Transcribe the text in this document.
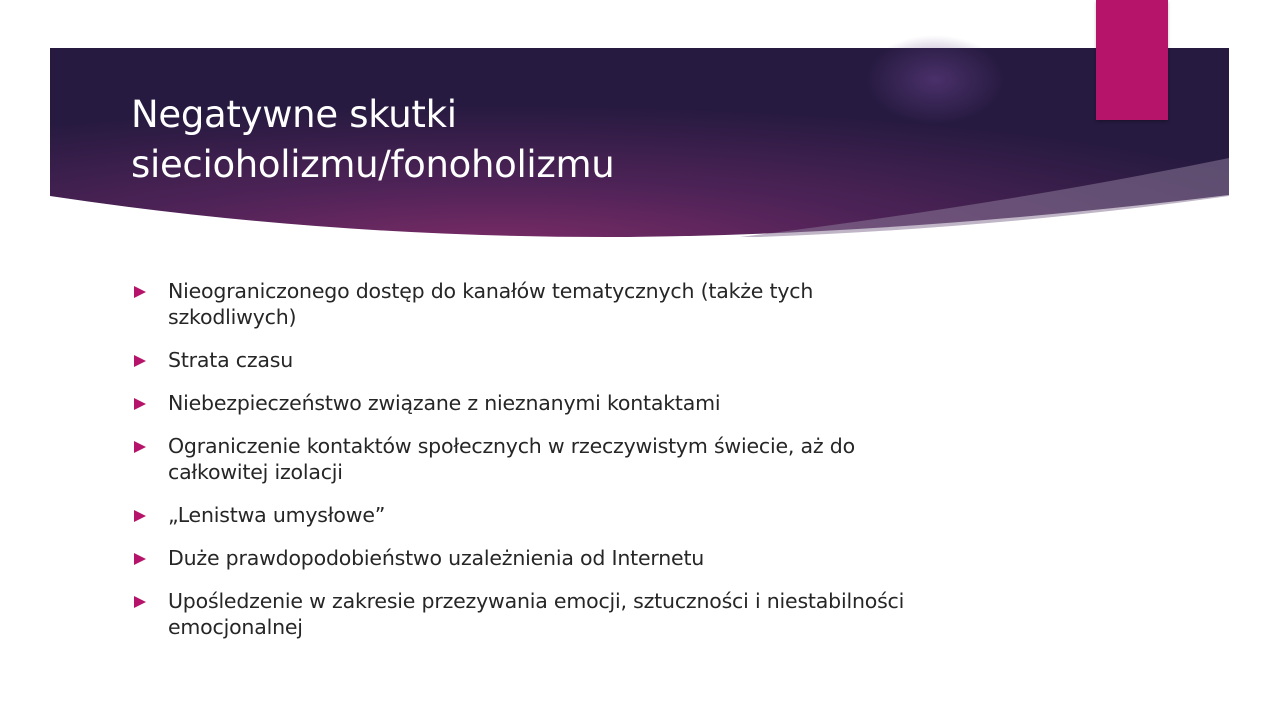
Negatywne skutki
siecioholizmu/fonoholizmu
Nieograniczonego dostęp do kanałów tematycznych (także tych
szkodliwych)
Strata czasu
Niebezpieczeństwo związane z nieznanymi kontaktami
Ograniczenie kontaktów społecznych w rzeczywistym świecie, aż do
całkowitej izolacji
„Lenistwa umysłowe”
Duże prawdopodobieństwo uzależnienia od Internetu
Upośledzenie w zakresie przezywania emocji, sztuczności i niestabilności
emocjonalnej
